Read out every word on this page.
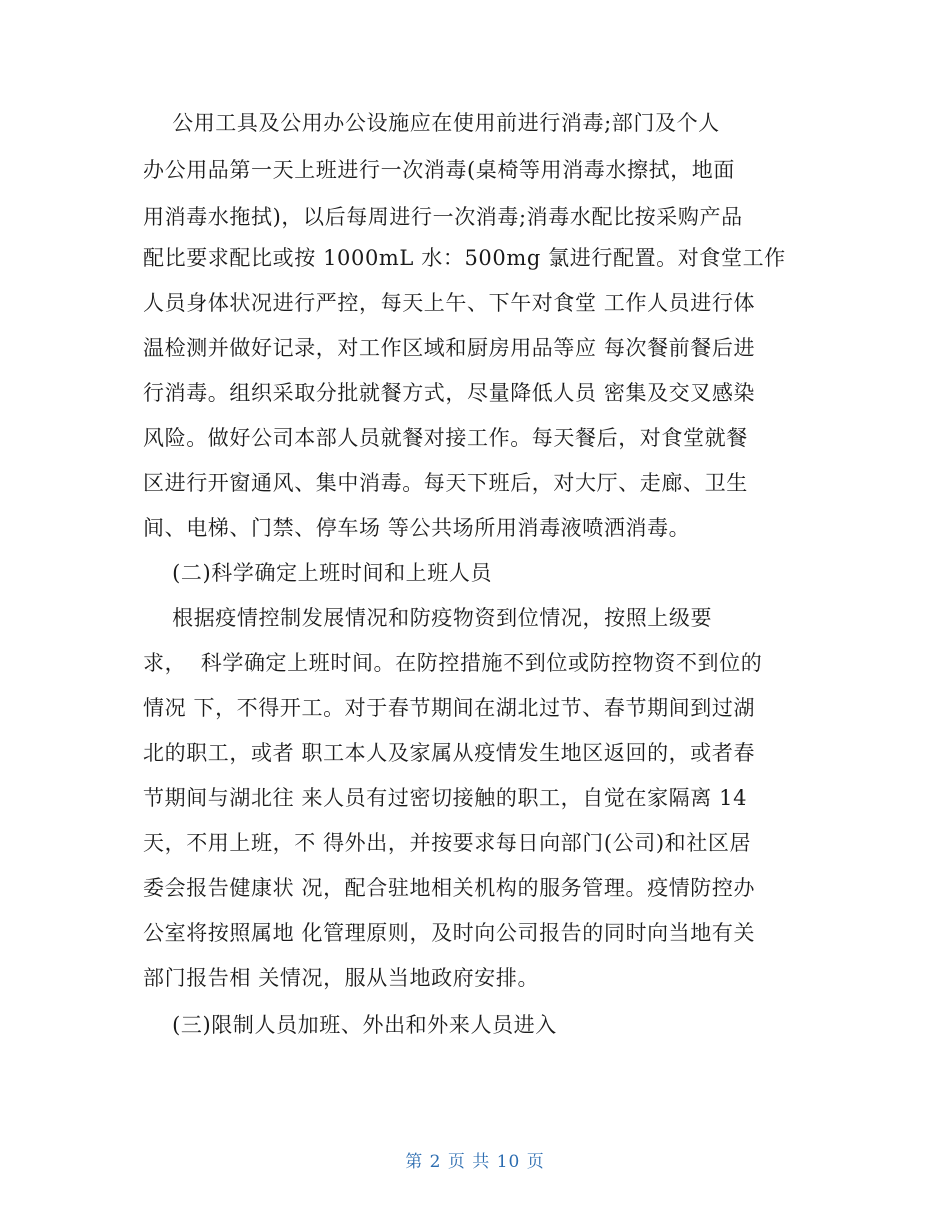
公用工具及公用办公设施应在使用前进行消毒;部门及个人
办公用品第一天上班进行一次消毒(桌椅等用消毒水擦拭，地面
用消毒水拖拭)，以后每周进行一次消毒;消毒水配比按采购产品
配比要求配比或按 1000mL 水：500mg 氯进行配置。对食堂工作
人员身体状况进行严控，每天上午、下午对食堂 工作人员进行体
温检测并做好记录，对工作区域和厨房用品等应 每次餐前餐后进
行消毒。组织采取分批就餐方式，尽量降低人员 密集及交叉感染
风险。做好公司本部人员就餐对接工作。每天餐后，对食堂就餐
区进行开窗通风、集中消毒。每天下班后，对大厅、走廊、卫生
间、电梯、门禁、停车场 等公共场所用消毒液喷洒消毒。
(二)科学确定上班时间和上班人员
根据疫情控制发展情况和防疫物资到位情况，按照上级要
求，  科学确定上班时间。在防控措施不到位或防控物资不到位的
情况 下，不得开工。对于春节期间在湖北过节、春节期间到过湖
北的职工，或者 职工本人及家属从疫情发生地区返回的，或者春
节期间与湖北往 来人员有过密切接触的职工，自觉在家隔离 14
天，不用上班，不 得外出，并按要求每日向部门(公司)和社区居
委会报告健康状 况，配合驻地相关机构的服务管理。疫情防控办
公室将按照属地 化管理原则，及时向公司报告的同时向当地有关
部门报告相 关情况，服从当地政府安排。
(三)限制人员加班、外出和外来人员进入
第 2 页 共 10 页
